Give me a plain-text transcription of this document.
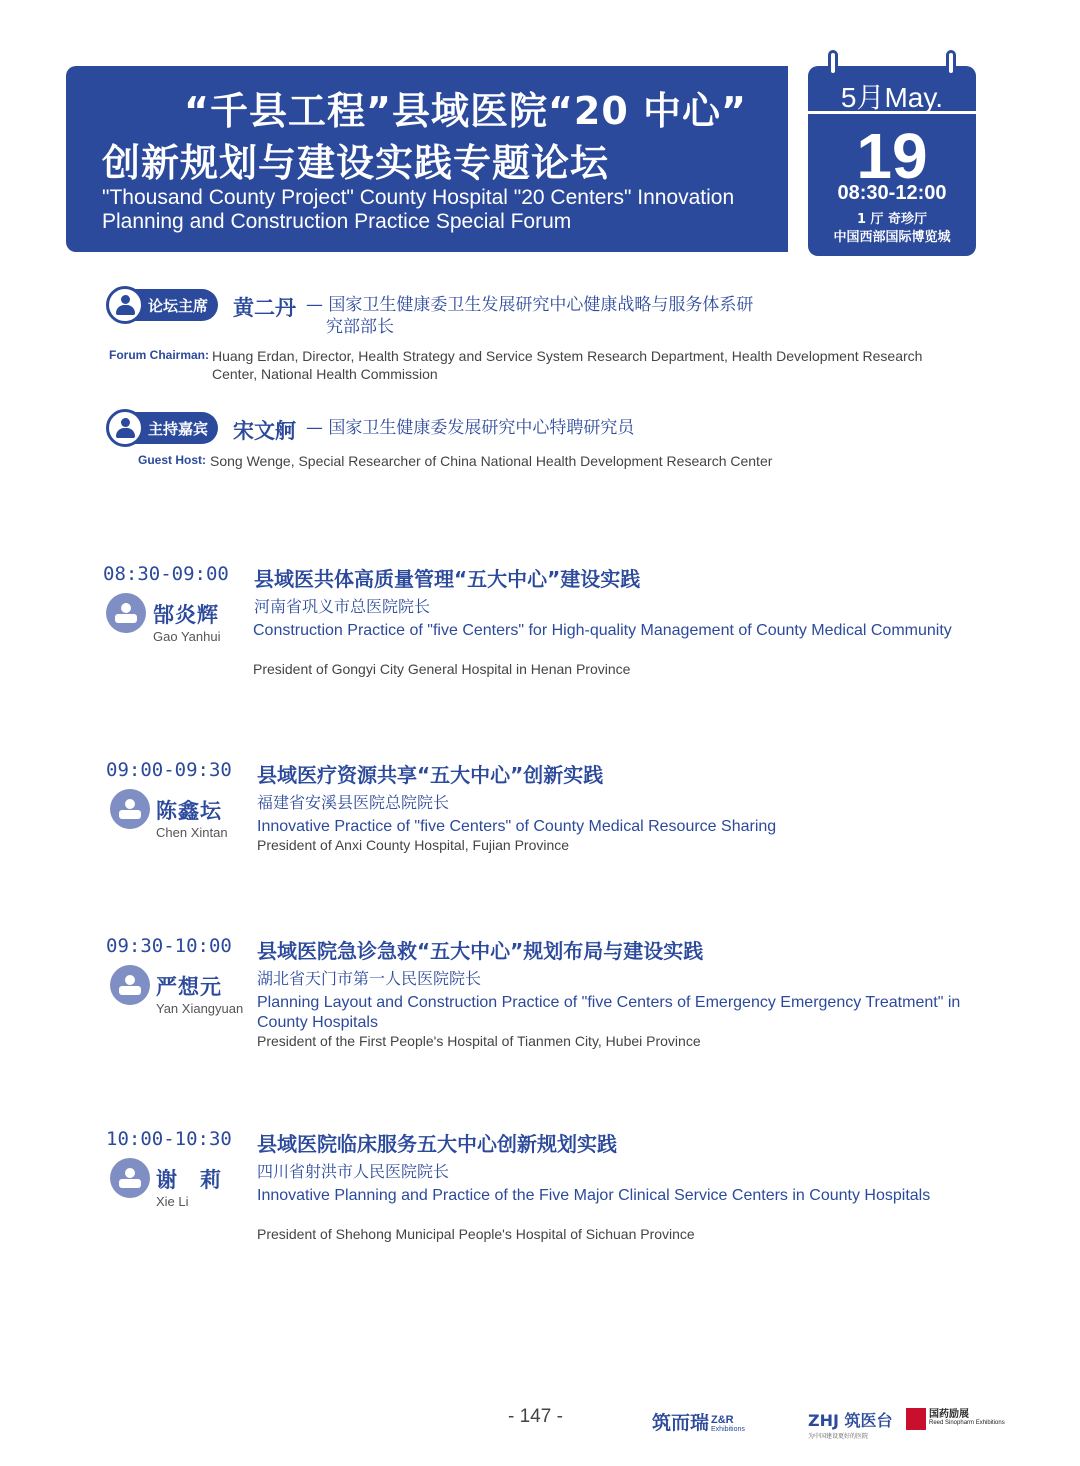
“千县工程”县域医院“20 中心”
创新规划与建设实践专题论坛
"Thousand County Project" County Hospital "20 Centers" Innovation
Planning and Construction Practice Special Forum
5月May.
19
08:30-12:00
1 厅 奇珍厅
中国西部国际博览城
论坛主席 黄二丹 — 国家卫生健康委卫生发展研究中心健康战略与服务体系研
究部部长
Forum Chairman: Huang Erdan, Director, Health Strategy and Service System Research Department, Health Development Research
Center, National Health Commission
主持嘉宾 宋文舸 — 国家卫生健康委发展研究中心特聘研究员
Guest Host: Song Wenge, Special Researcher of China National Health Development Research Center
08:30-09:00
郜炎辉
Gao Yanhui
县域医共体高质量管理“五大中心”建设实践
河南省巩义市总医院院长
Construction Practice of "five Centers" for High-quality Management of County Medical Community
President of Gongyi City General Hospital in Henan Province
09:00-09:30
陈鑫坛
Chen Xintan
县域医疗资源共享“五大中心”创新实践
福建省安溪县医院总院院长
Innovative Practice of "five Centers" of County Medical Resource Sharing
President of Anxi County Hospital, Fujian Province
09:30-10:00
严想元
Yan Xiangyuan
县域医院急诊急救“五大中心”规划布局与建设实践
湖北省天门市第一人民医院院长
Planning Layout and Construction Practice of "five Centers of Emergency Emergency Treatment" in County Hospitals
President of the First People's Hospital of Tianmen City, Hubei Province
10:00-10:30
谢　莉
Xie Li
县域医院临床服务五大中心创新规划实践
四川省射洪市人民医院院长
Innovative Planning and Practice of the Five Major Clinical Service Centers in County Hospitals
President of Shehong Municipal People's Hospital of Sichuan Province
- 147 -	筑而瑞 Z&R
Exhibitions	ZHJ 筑医台
为中国建设更好的医院
国药励展
Reed Sinopharm Exhibitions
